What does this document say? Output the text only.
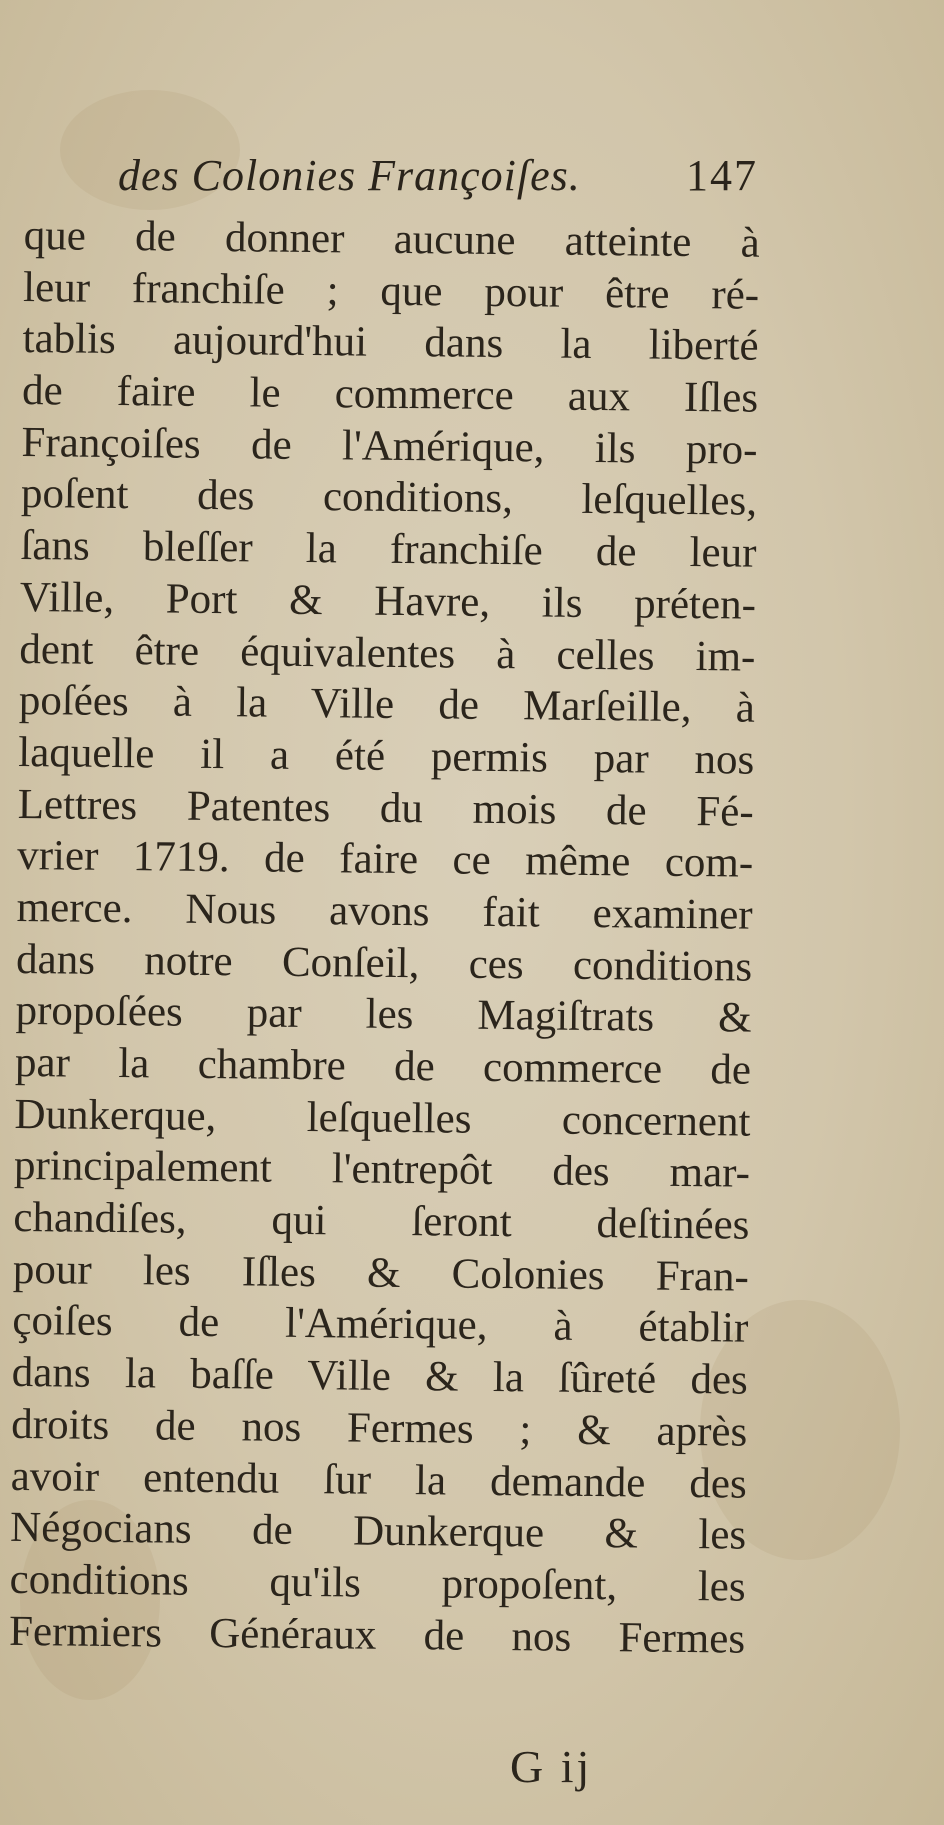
des Colonies Françoiſes. 147
que de donner aucune atteinte à
leur franchiſe ; que pour être ré-
tablis aujourd'hui dans la liberté
de faire le commerce aux Iſles
Françoiſes de l'Amérique, ils pro-
poſent des conditions, leſquelles,
ſans bleſſer la franchiſe de leur
Ville, Port & Havre, ils préten-
dent être équivalentes à celles im-
poſées à la Ville de Marſeille, à
laquelle il a été permis par nos
Lettres Patentes du mois de Fé-
vrier 1719. de faire ce même com-
merce. Nous avons fait examiner
dans notre Conſeil, ces conditions
propoſées par les Magiſtrats &
par la chambre de commerce de
Dunkerque, leſquelles concernent
principalement l'entrepôt des mar-
chandiſes, qui ſeront deſtinées
pour les Iſles & Colonies Fran-
çoiſes de l'Amérique, à établir
dans la baſſe Ville & la ſûreté des
droits de nos Fermes ; & après
avoir entendu ſur la demande des
Négocians de Dunkerque & les
conditions qu'ils propoſent, les
Fermiers Généraux de nos Fermes
G ij
